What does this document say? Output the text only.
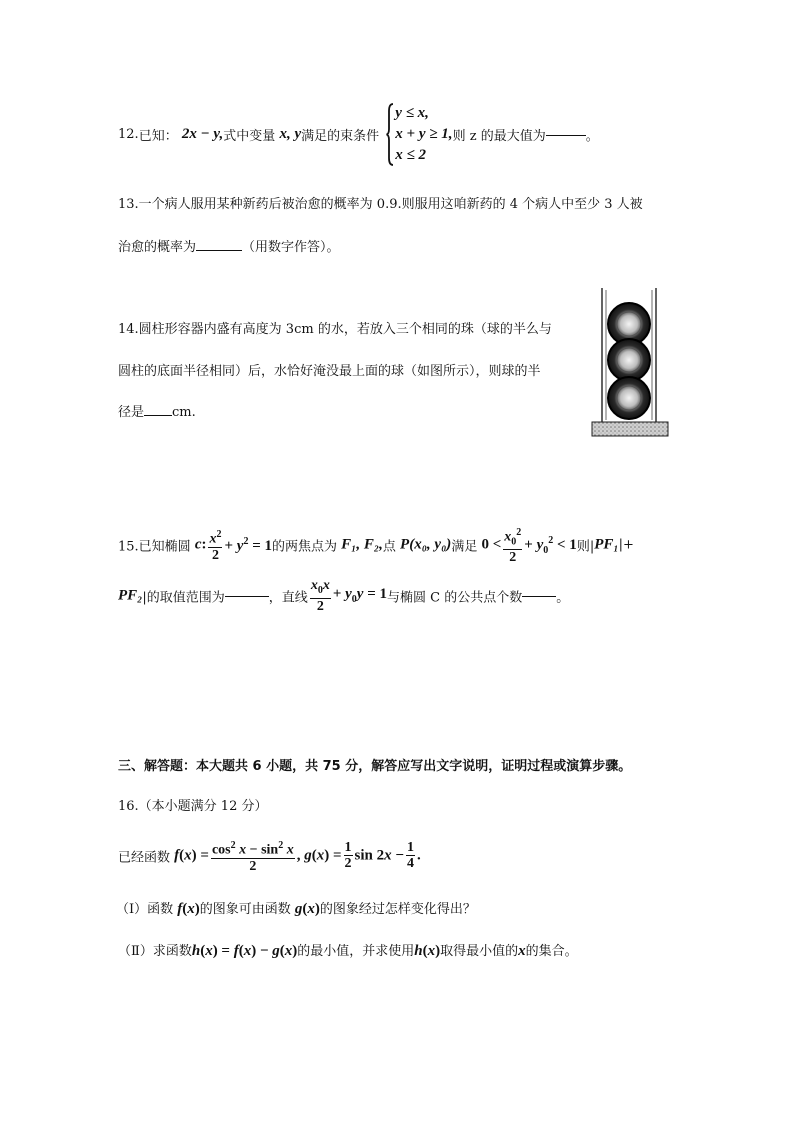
12.已知： 2x − y,式中变量 x, y满足的束条件
y ≤ x,
x + y ≥ 1,
x ≤ 2
则 z 的最大值为	。
13.一个病人服用某种新药后被治愈的概率为 0.9.则服用这咱新药的 4 个病人中至少 3 人被
治愈的概率为	（用数字作答）。
14.圆柱形容器内盛有高度为 3cm 的水，若放入三个相同的珠（球的半么与
圆柱的底面半径相同）后，水恰好淹没最上面的球（如图所示），则球的半
径是 cm.
15.已知椭圆 c: $\frac{x^2}{2} + y^2 = 1$的两焦点为 F₁, F₂,点 P(x₀, y₀)满足 $0 < \frac{x_0^2}{2} + y_0^2 < 1$则|PF₁|+
PF₂|的取值范围为	，直线 $\frac{x_0x}{2} + y_0y = 1$与椭圆 C 的公共点个数	。
三、解答题：本大题共 6 小题，共 75 分，解答应写出文字说明，证明过程或演算步骤。
16.（本小题满分 12 分）
已经函数 $f(x) = \frac{\cos^2 x - \sin^2 x}{2}$ , $g(x) = \frac{1}{2}$ $\sin 2x - \frac{1}{4}$ .
（Ⅰ）函数 f(x)的图象可由函数 g(x)的图象经过怎样变化得出？
（Ⅱ）求函数h(x) = f(x) − g(x)的最小值，并求使用h(x)取得最小值的x的集合。
